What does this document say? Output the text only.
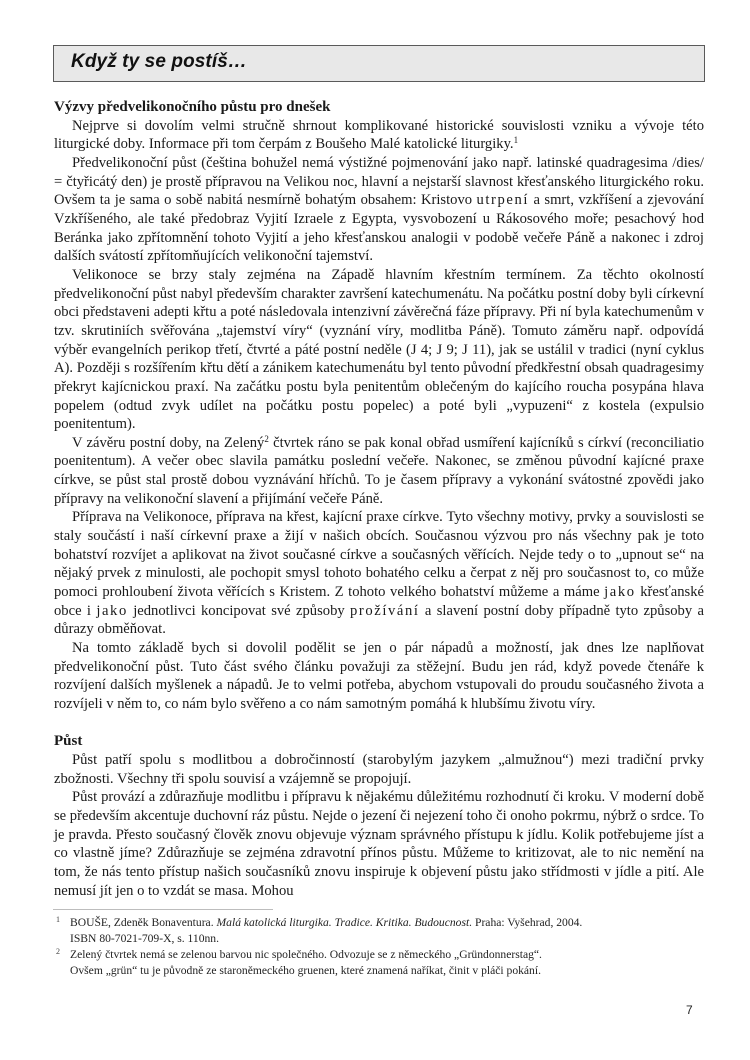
Když ty se postíš…
Výzvy předvelikonočního půstu pro dnešek

Nejprve si dovolím velmi stručně shrnout komplikované historické souvislosti vzniku a vývoje této liturgické doby. Informace při tom čerpám z Boušeho Malé katolické liturgiky.$^1$

Předvelikonoční půst (čeština bohužel nemá výstižné pojmenování jako např. latinské quadragesima /dies/ = čtyřicátý den) je prostě přípravou na Velikou noc, hlavní a nejstarší slavnost křesťanského liturgického roku. Ovšem ta je sama o sobě nabitá nesmírně bohatým obsahem: Kristovo utrpení a smrt, vzkříšení a zjevování Vzkříšeného, ale také předobraz Vyjití Izraele z Egypta, vysvobození u Rákosového moře; pesachový hod Beránka jako zpřítomnění tohoto Vyjití a jeho křesťanskou analogii v podobě večeře Páně a nakonec i zdroj dalších svátostí zpřítomňujících velikonoční tajemství.

Velikonoce se brzy staly zejména na Západě hlavním křestním termínem. Za těchto okolností předvelikonoční půst nabyl především charakter završení katechumenátu. Na počátku postní doby byli církevní obci představeni adepti křtu a poté následovala intenzivní závěrečná fáze přípravy. Při ní byla katechumenům v tzv. skrutiniích svěřována „tajemství víry“ (vyznání víry, modlitba Páně). Tomuto záměru např. odpovídá výběr evangelních perikop třetí, čtvrté a páté postní neděle (J 4; J 9; J 11), jak se ustálil v tradici (nyní cyklus A). Později s rozšířením křtu dětí a zánikem katechumenátu byl tento původní předkřestní obsah quadragesimy překryt kajícnickou praxí. Na začátku postu byla penitentům oblečeným do kajícího roucha posypána hlava popelem (odtud zvyk udílet na počátku postu popelec) a poté byli „vypuzeni“ z kostela (expulsio poenitentum).

V závěru postní doby, na Zelený$^2$ čtvrtek ráno se pak konal obřad usmíření kajícníků s církví (reconciliatio poenitentum). A večer obec slavila památku poslední večeře. Nakonec, se změnou původní kajícné praxe církve, se půst stal prostě dobou vyznávání hříchů. To je časem přípravy a vykonání svátostné zpovědi jako přípravy na velikonoční slavení a přijímání večeře Páně.

Příprava na Velikonoce, příprava na křest, kajícní praxe církve. Tyto všechny motivy, prvky a souvislosti se staly součástí i naší církevní praxe a žijí v našich obcích. Současnou výzvou pro nás všechny pak je toto bohatství rozvíjet a aplikovat na život současné církve a současných věřících. Nejde tedy o to „upnout se“ na nějaký prvek z minulosti, ale pochopit smysl tohoto bohatého celku a čerpat z něj pro současnost to, co může pomoci prohloubení života věřících s Kristem. Z tohoto velkého bohatství můžeme a máme jako křesťanské obce i jako jednotlivci koncipovat své způsoby prožívání a slavení postní doby případně tyto způsoby a důrazy obměňovat.

Na tomto základě bych si dovolil podělit se jen o pár nápadů a možností, jak dnes lze naplňovat předvelikonoční půst. Tuto část svého článku považuji za stěžejní. Budu jen rád, když povede čtenáře k rozvíjení dalších myšlenek a nápadů. Je to velmi potřeba, abychom vstupovali do proudu současného života a rozvíjeli v něm to, co nám bylo svěřeno a co nám samotným pomáhá k hlubšímu životu víry.

Půst

Půst patří spolu s modlitbou a dobročinností (starobylým jazykem „almužnou“) mezi tradiční prvky zbožnosti. Všechny tři spolu souvisí a vzájemně se propojují.

Půst provází a zdůrazňuje modlitbu i přípravu k nějakému důležitému rozhodnutí či kroku. V moderní době se především akcentuje duchovní ráz půstu. Nejde o jezení či nejezení toho či onoho pokrmu, nýbrž o srdce. To je pravda. Přesto současný člověk znovu objevuje význam správného přístupu k jídlu. Kolik potřebujeme jíst a co vlastně jíme? Zdůrazňuje se zejména zdravotní přínos půstu. Můžeme to kritizovat, ale to nic nemění na tom, že nás tento přístup našich současníků znovu inspiruje k objevení půstu jako střídmosti v jídle a pití. Ale nemusí jít jen o to vzdát se masa. Mohou

1 BOUŠE, Zdeněk Bonaventura. Malá katolická liturgika. Tradice. Kritika. Budoucnost. Praha: Vyšehrad, 2004.
ISBN 80-7021-709-X, s. 110nn.
2 Zelený čtvrtek nemá se zelenou barvou nic společného. Odvozuje se z německého „Gründonnerstag“.
Ovšem „grün“ tu je původně ze staroněmeckého gruenen, které znamená naříkat, činit v pláči pokání.
7
